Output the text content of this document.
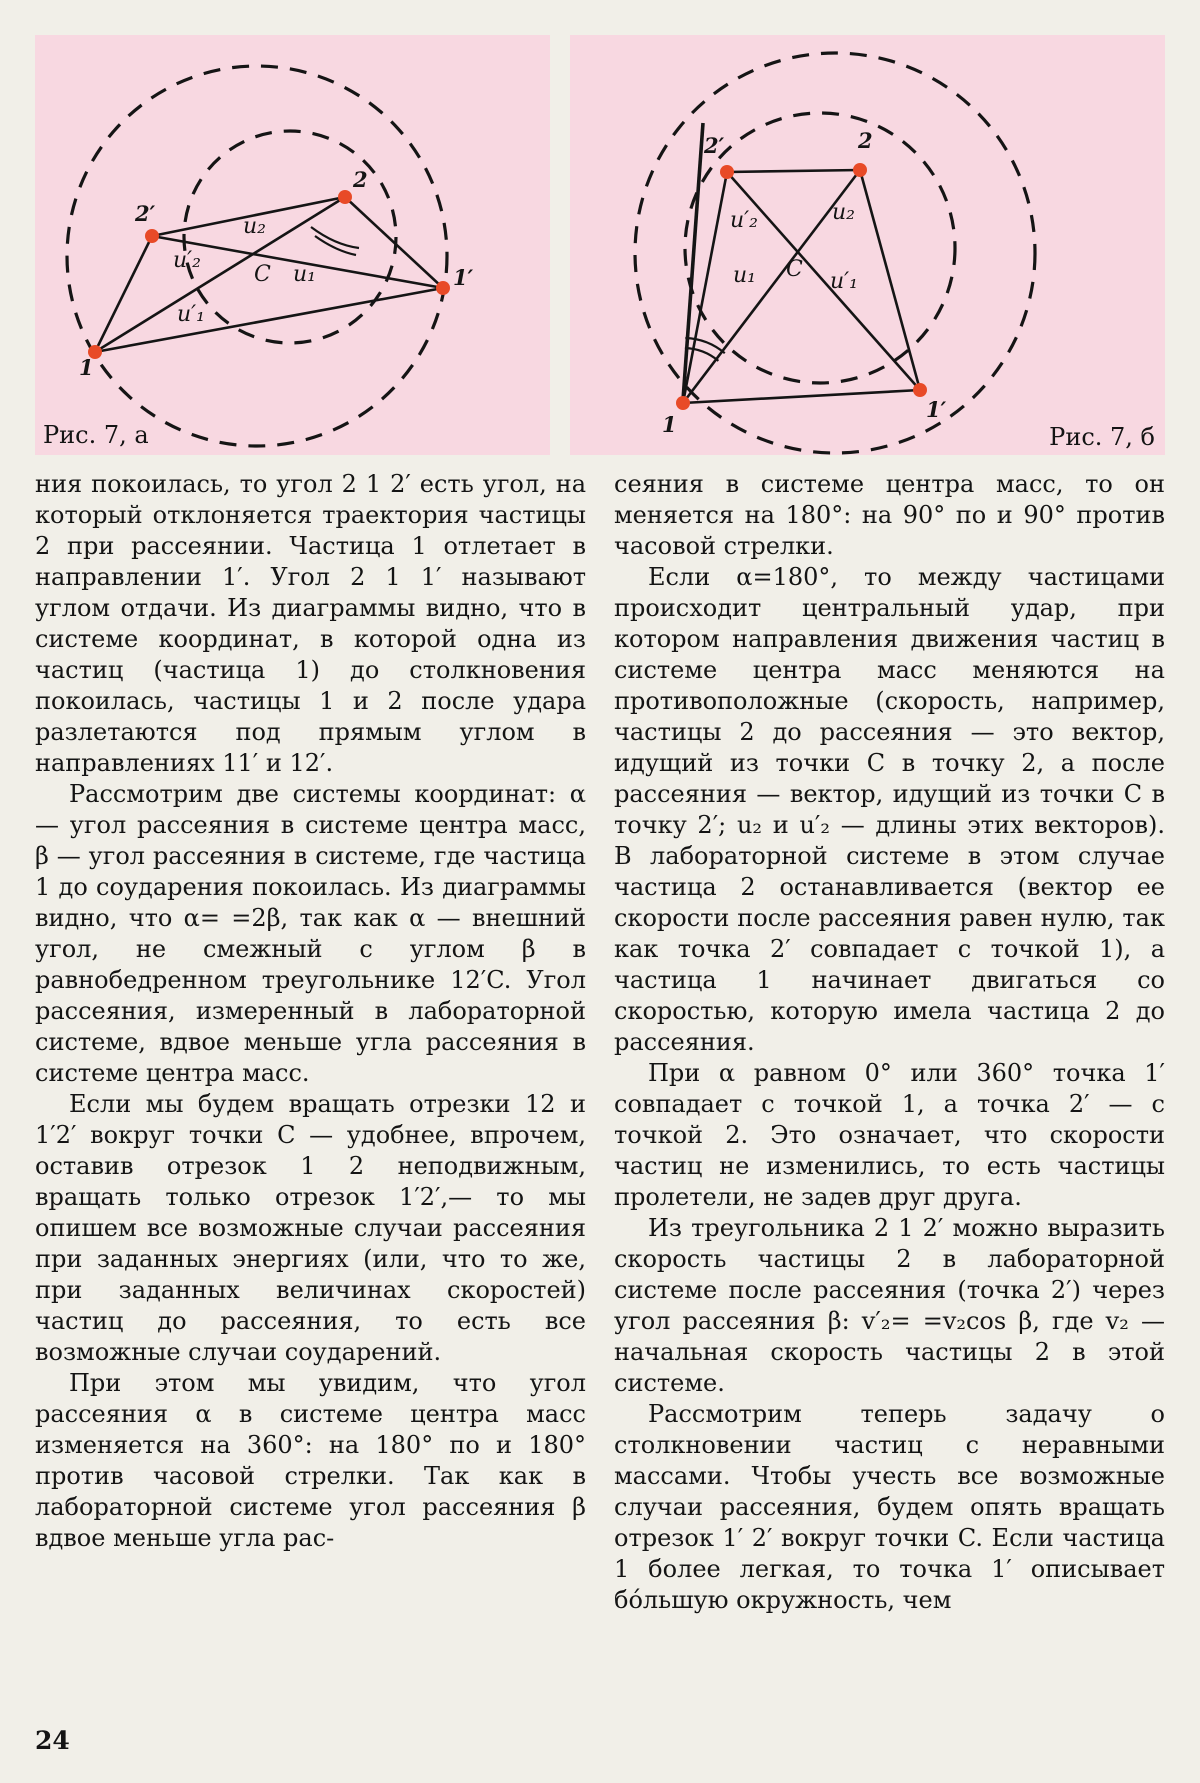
2
2′
1′
1
u₂
u′₂
C u₁
u′₁
Рис. 7, а
2′	2
1
1′
u′₂	u₂
u₁ C u′₁
Рис. 7, б

ния покоилась, то угол 2 1 2′ есть угол, на который отклоняется траектория частицы 2 при рассеянии. Частица 1 отлетает в направлении 1′. Угол 2 1 1′ называют углом отдачи. Из диаграммы видно, что в системе координат, в которой одна из частиц (частица 1) до столкновения покоилась, частицы 1 и 2 после удара разлетаются под прямым углом в направлениях 11′ и 12′.

Рассмотрим две системы координат: α — угол рассеяния в системе центра масс, β — угол рассеяния в системе, где частица 1 до соударения покоилась. Из диаграммы видно, что α= =2β, так как α — внешний угол, не смежный с углом β в равнобедренном треугольнике 12′C. Угол рассеяния, измеренный в лабораторной системе, вдвое меньше угла рассеяния в системе центра масс.

Если мы будем вращать отрезки 12 и 1′2′ вокруг точки C — удобнее, впрочем, оставив отрезок 1 2 неподвижным, вращать только отрезок 1′2′,— то мы опишем все возможные случаи рассеяния при заданных энергиях (или, что то же, при заданных величинах скоростей) частиц до рассеяния, то есть все возможные случаи соударений.

При этом мы увидим, что угол рассеяния α в системе центра масс изменяется на 360°: на 180° по и 180° против часовой стрелки. Так как в лабораторной системе угол рассеяния β вдвое меньше угла рас-

сеяния в системе центра масс, то он меняется на 180°: на 90° по и 90° против часовой стрелки.

Если α=180°, то между частицами происходит центральный удар, при котором направления движения частиц в системе центра масс меняются на противоположные (скорость, например, частицы 2 до рассеяния — это вектор, идущий из точки C в точку 2, а после рассеяния — вектор, идущий из точки C в точку 2′; u₂ и u′₂ — длины этих векторов). В лабораторной системе в этом случае частица 2 останавливается (вектор ее скорости после рассеяния равен нулю, так как точка 2′ совпадает с точкой 1), а частица 1 начинает двигаться со скоростью, которую имела частица 2 до рассеяния.

При α равном 0° или 360° точка 1′ совпадает с точкой 1, а точка 2′ — с точкой 2. Это означает, что скорости частиц не изменились, то есть частицы пролетели, не задев друг друга.

Из треугольника 2 1 2′ можно выразить скорость частицы 2 в лабораторной системе после рассеяния (точка 2′) через угол рассеяния β: v′₂= =v₂cos β, где v₂ — начальная скорость частицы 2 в этой системе.

Рассмотрим теперь задачу о столкновении частиц с неравными массами. Чтобы учесть все возможные случаи рассеяния, будем опять вращать отрезок 1′ 2′ вокруг точки C. Если частица 1 более легкая, то точка 1′ описывает бо́льшую окружность, чем

24
